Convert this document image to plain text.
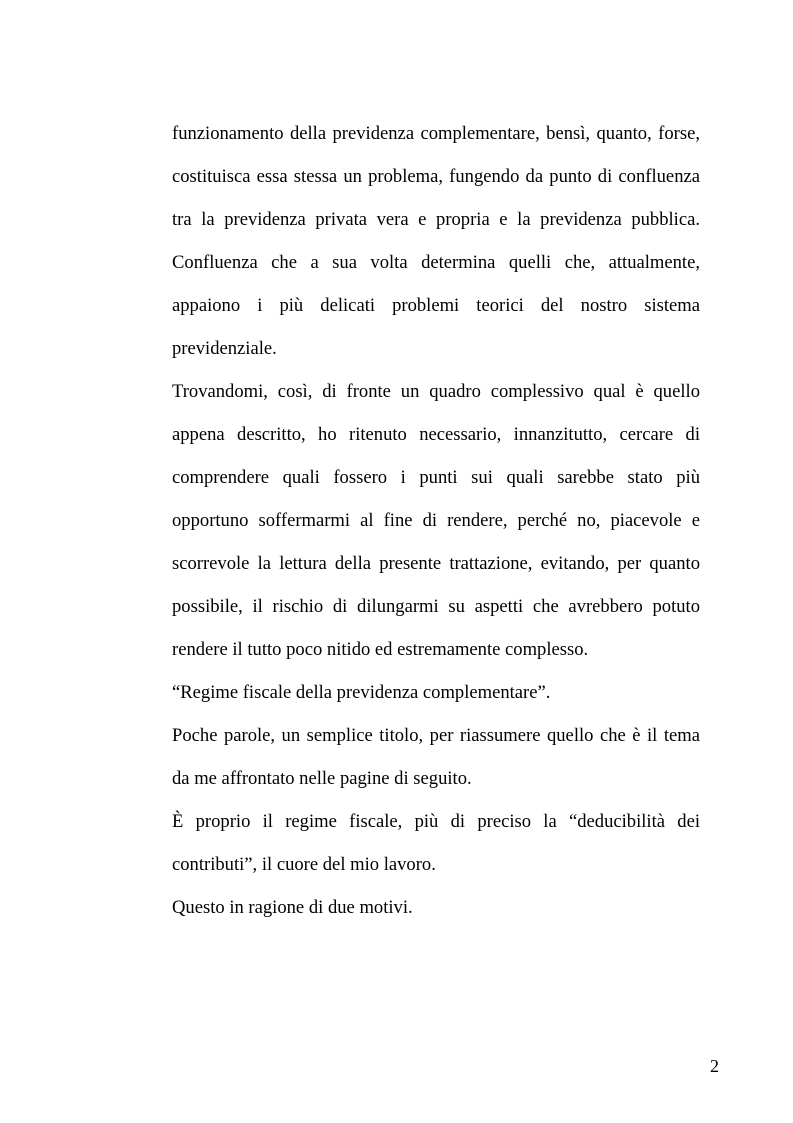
funzionamento della previdenza complementare, bensì, quanto, forse, costituisca essa stessa un problema, fungendo da punto di confluenza tra la previdenza privata vera e propria e la previdenza pubblica. Confluenza che a sua volta determina quelli che, attualmente, appaiono i più delicati problemi teorici del nostro sistema previdenziale.

Trovandomi, così, di fronte un quadro complessivo qual è quello appena descritto, ho ritenuto necessario, innanzitutto, cercare di comprendere quali fossero i punti sui quali sarebbe stato più opportuno soffermarmi al fine di rendere, perché no, piacevole e scorrevole la lettura della presente trattazione, evitando, per quanto possibile, il rischio di dilungarmi su aspetti che avrebbero potuto rendere il tutto poco nitido ed estremamente complesso.

“Regime fiscale della previdenza complementare”.

Poche parole, un semplice titolo, per riassumere quello che è il tema da me affrontato nelle pagine di seguito.

È proprio il regime fiscale, più di preciso la “deducibilità dei contributi”, il cuore del mio lavoro.

Questo in ragione di due motivi.

2
